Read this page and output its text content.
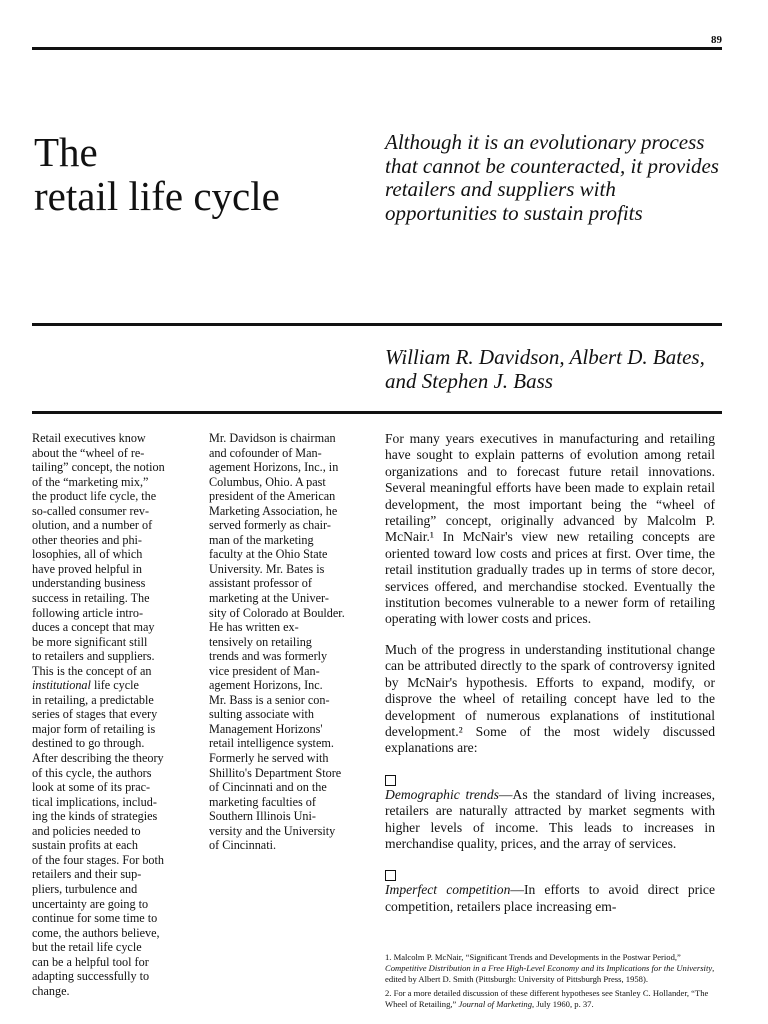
89
The
retail life cycle
Although it is an evolutionary process that cannot be counteracted, it provides retailers and suppliers with opportunities to sustain profits
William R. Davidson, Albert D. Bates, and Stephen J. Bass
Retail executives know
about the “wheel of re-
tailing” concept, the notion
of the “marketing mix,”
the product life cycle, the
so-called consumer rev-
olution, and a number of
other theories and phi-
losophies, all of which
have proved helpful in
understanding business
success in retailing. The
following article intro-
duces a concept that may
be more significant still
to retailers and suppliers.
This is the concept of an
institutional life cycle
in retailing, a predictable
series of stages that every
major form of retailing is
destined to go through.
After describing the theory
of this cycle, the authors
look at some of its prac-
tical implications, includ-
ing the kinds of strategies
and policies needed to
sustain profits at each
of the four stages. For both
retailers and their sup-
pliers, turbulence and
uncertainty are going to
continue for some time to
come, the authors believe,
but the retail life cycle
can be a helpful tool for
adapting successfully to
change.
Mr. Davidson is chairman
and cofounder of Man-
agement Horizons, Inc., in
Columbus, Ohio. A past
president of the American
Marketing Association, he
served formerly as chair-
man of the marketing
faculty at the Ohio State
University. Mr. Bates is
assistant professor of
marketing at the Univer-
sity of Colorado at Boulder.
He has written ex-
tensively on retailing
trends and was formerly
vice president of Man-
agement Horizons, Inc.
Mr. Bass is a senior con-
sulting associate with
Management Horizons'
retail intelligence system.
Formerly he served with
Shillito's Department Store
of Cincinnati and on the
marketing faculties of
Southern Illinois Uni-
versity and the University
of Cincinnati.

For many years executives in manufacturing and retailing have sought to explain patterns of evolution among retail organizations and to forecast future retail innovations. Several meaningful efforts have been made to explain retail development, the most important being the “wheel of retailing” concept, originally advanced by Malcolm P. McNair.¹ In McNair's view new retailing concepts are oriented toward low costs and prices at first. Over time, the retail institution gradually trades up in terms of store decor, services offered, and merchandise stocked. Eventually the institution becomes vulnerable to a newer form of retailing operating with lower costs and prices.

Much of the progress in understanding institutional change can be attributed directly to the spark of controversy ignited by McNair's hypothesis. Efforts to expand, modify, or disprove the wheel of retailing concept have led to the development of numerous explanations of institutional development.² Some of the most widely discussed explanations are:

Demographic trends—As the standard of living increases, retailers are naturally attracted by market segments with higher levels of income. This leads to increases in merchandise quality, prices, and the array of services.

Imperfect competition—In efforts to avoid direct price competition, retailers place increasing em-

1. Malcolm P. McNair, “Significant Trends and Developments in the Postwar Period,” Competitive Distribution in a Free High-Level Economy and its Implications for the University, edited by Albert D. Smith (Pittsburgh: University of Pittsburgh Press, 1958).

2. For a more detailed discussion of these different hypotheses see Stanley C. Hollander, “The Wheel of Retailing,” Journal of Marketing, July 1960, p. 37.
